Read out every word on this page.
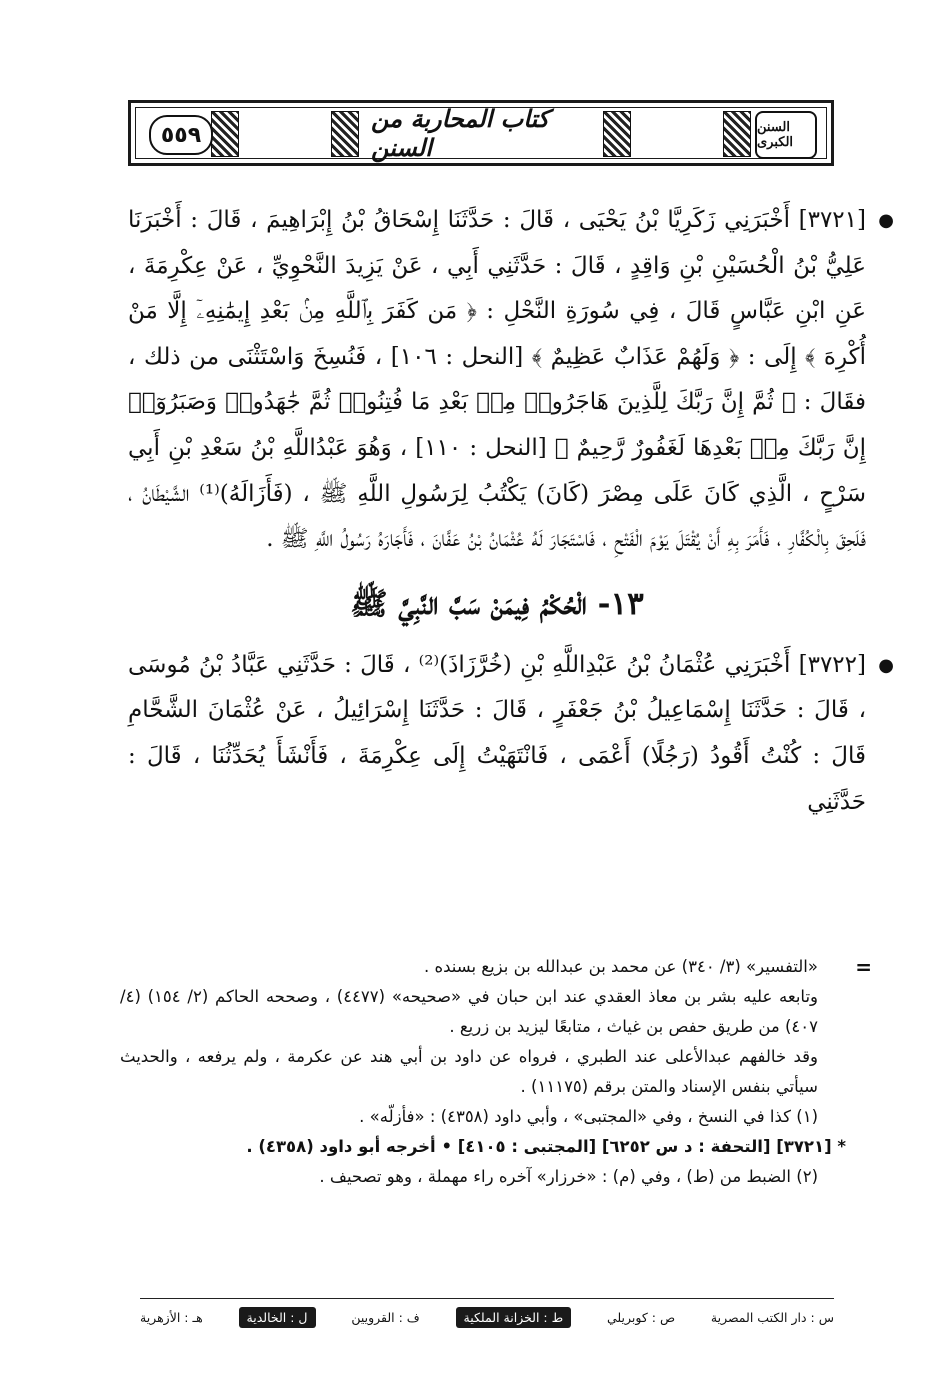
٥٥٩
كتاب المحاربة من السنن
السنن الكبرى

●
[٣٧٢١] أَخْبَرَنِي زَكَرِيَّا بْنُ يَحْيَى ، قَالَ : حَدَّثَنَا إِسْحَاقُ بْنُ إِبْرَاهِيمَ ، قَالَ : أَخْبَرَنَا عَلِيُّ بْنُ الْحُسَيْنِ بْنِ وَاقِدٍ ، قَالَ : حَدَّثَنِي أَبِي ، عَنْ يَزِيدَ النَّحْوِيِّ ، عَنْ عِكْرِمَةَ ، عَنِ ابْنِ عَبَّاسٍ قَالَ ، فِي سُورَةِ النَّحْلِ : ﴿ مَن كَفَرَ بِٱللَّهِ مِنۢ بَعْدِ إِيمَٰنِهِۦٓ إِلَّا مَنْ أُكْرِهَ ﴾ إِلَى : ﴿ وَلَهُمْ عَذَابٌ عَظِيمٌ ﴾ [النحل : ١٠٦] ، فَنُسِخَ وَاسْتَثْنَى من ذلك ، فقَالَ : ﴿ ثُمَّ إِنَّ رَبَّكَ لِلَّذِينَ هَاجَرُوا۟ مِنۢ بَعْدِ مَا فُتِنُوا۟ ثُمَّ جَٰهَدُوا۟ وَصَبَرُوٓا۟ إِنَّ رَبَّكَ مِنۢ بَعْدِهَا لَغَفُورٌ رَّحِيمٌ ﴾ [النحل : ١١٠] ، وَهُوَ عَبْدُاللَّهِ بْنُ سَعْدِ بْنِ أَبِي سَرْحٍ ، الَّذِي كَانَ عَلَى مِصْرَ (كَانَ) يَكْتُبُ لِرَسُولِ اللَّهِ ﷺ ، (فَأَزَالَهُ)⁽¹⁾ الشَّيْطَانُ ، فَلَحِقَ بِالْكُفَّارِ ، فَأَمَرَ بِهِ أَنْ يُقْتَلَ يَوْمَ الْفَتْحِ ، فَاسْتَجَارَ لَهُ عُثْمَانُ بْنُ عَفَّانَ ، فَأَجَارَهُ رَسُولُ اللَّهِ ﷺ .

١٣- الْحُكْمُ فِيمَنْ سَبَّ النَّبِيَّ ﷺ

●
[٣٧٢٢] أَخْبَرَنِي عُثْمَانُ بْنُ عَبْدِاللَّهِ بْنِ (خُرَّزَاذَ)⁽²⁾ ، قَالَ : حَدَّثَنِي عَبَّادُ بْنُ مُوسَى ، قَالَ : حَدَّثَنَا إِسْمَاعِيلُ بْنُ جَعْفَرٍ ، قَالَ : حَدَّثَنَا إِسْرَائِيلُ ، عَنْ عُثْمَانَ الشَّحَّامِ قَالَ : كُنْتُ أَقُودُ (رَجُلًا) أَعْمَى ، فَانْتَهَيْتُ إِلَى عِكْرِمَةَ ، فَأَنْشَأَ يُحَدِّثُنَا ، قَالَ : حَدَّثَنِي

=
«التفسير» (٣/ ٣٤٠) عن محمد بن عبدالله بن بزيع بسنده .

وتابعه عليه بشر بن معاذ العقدي عند ابن حبان في «صحيحه» (٤٤٧٧) ، وصححه الحاكم (٢/ ١٥٤) (٤/ ٤٠٧) من طريق حفص بن غياث ، متابعًا ليزيد بن زريع .

وقد خالفهم عبدالأعلى عند الطبري ، فرواه عن داود بن أبي هند عن عكرمة ، ولم يرفعه ، والحديث سيأتي بنفس الإسناد والمتن برقم (١١١٧٥) .

(١) كذا في النسخ ، وفي «المجتبى» ، وأبي داود (٤٣٥٨) : «فأزلّه» .

* [٣٧٢١] [التحفة : د س ٦٢٥٢] [المجتبى : ٤١٠٥] • أخرجه أبو داود (٤٣٥٨) .

(٢) الضبط من (ط) ، وفي (م) : «خرزار» آخره راء مهملة ، وهو تصحيف .

س : دار الكتب المصرية
ص : كوبريلي
ط : الخزانة الملكية
ف : القرويين
ل : الخالدية
هـ : الأزهرية
